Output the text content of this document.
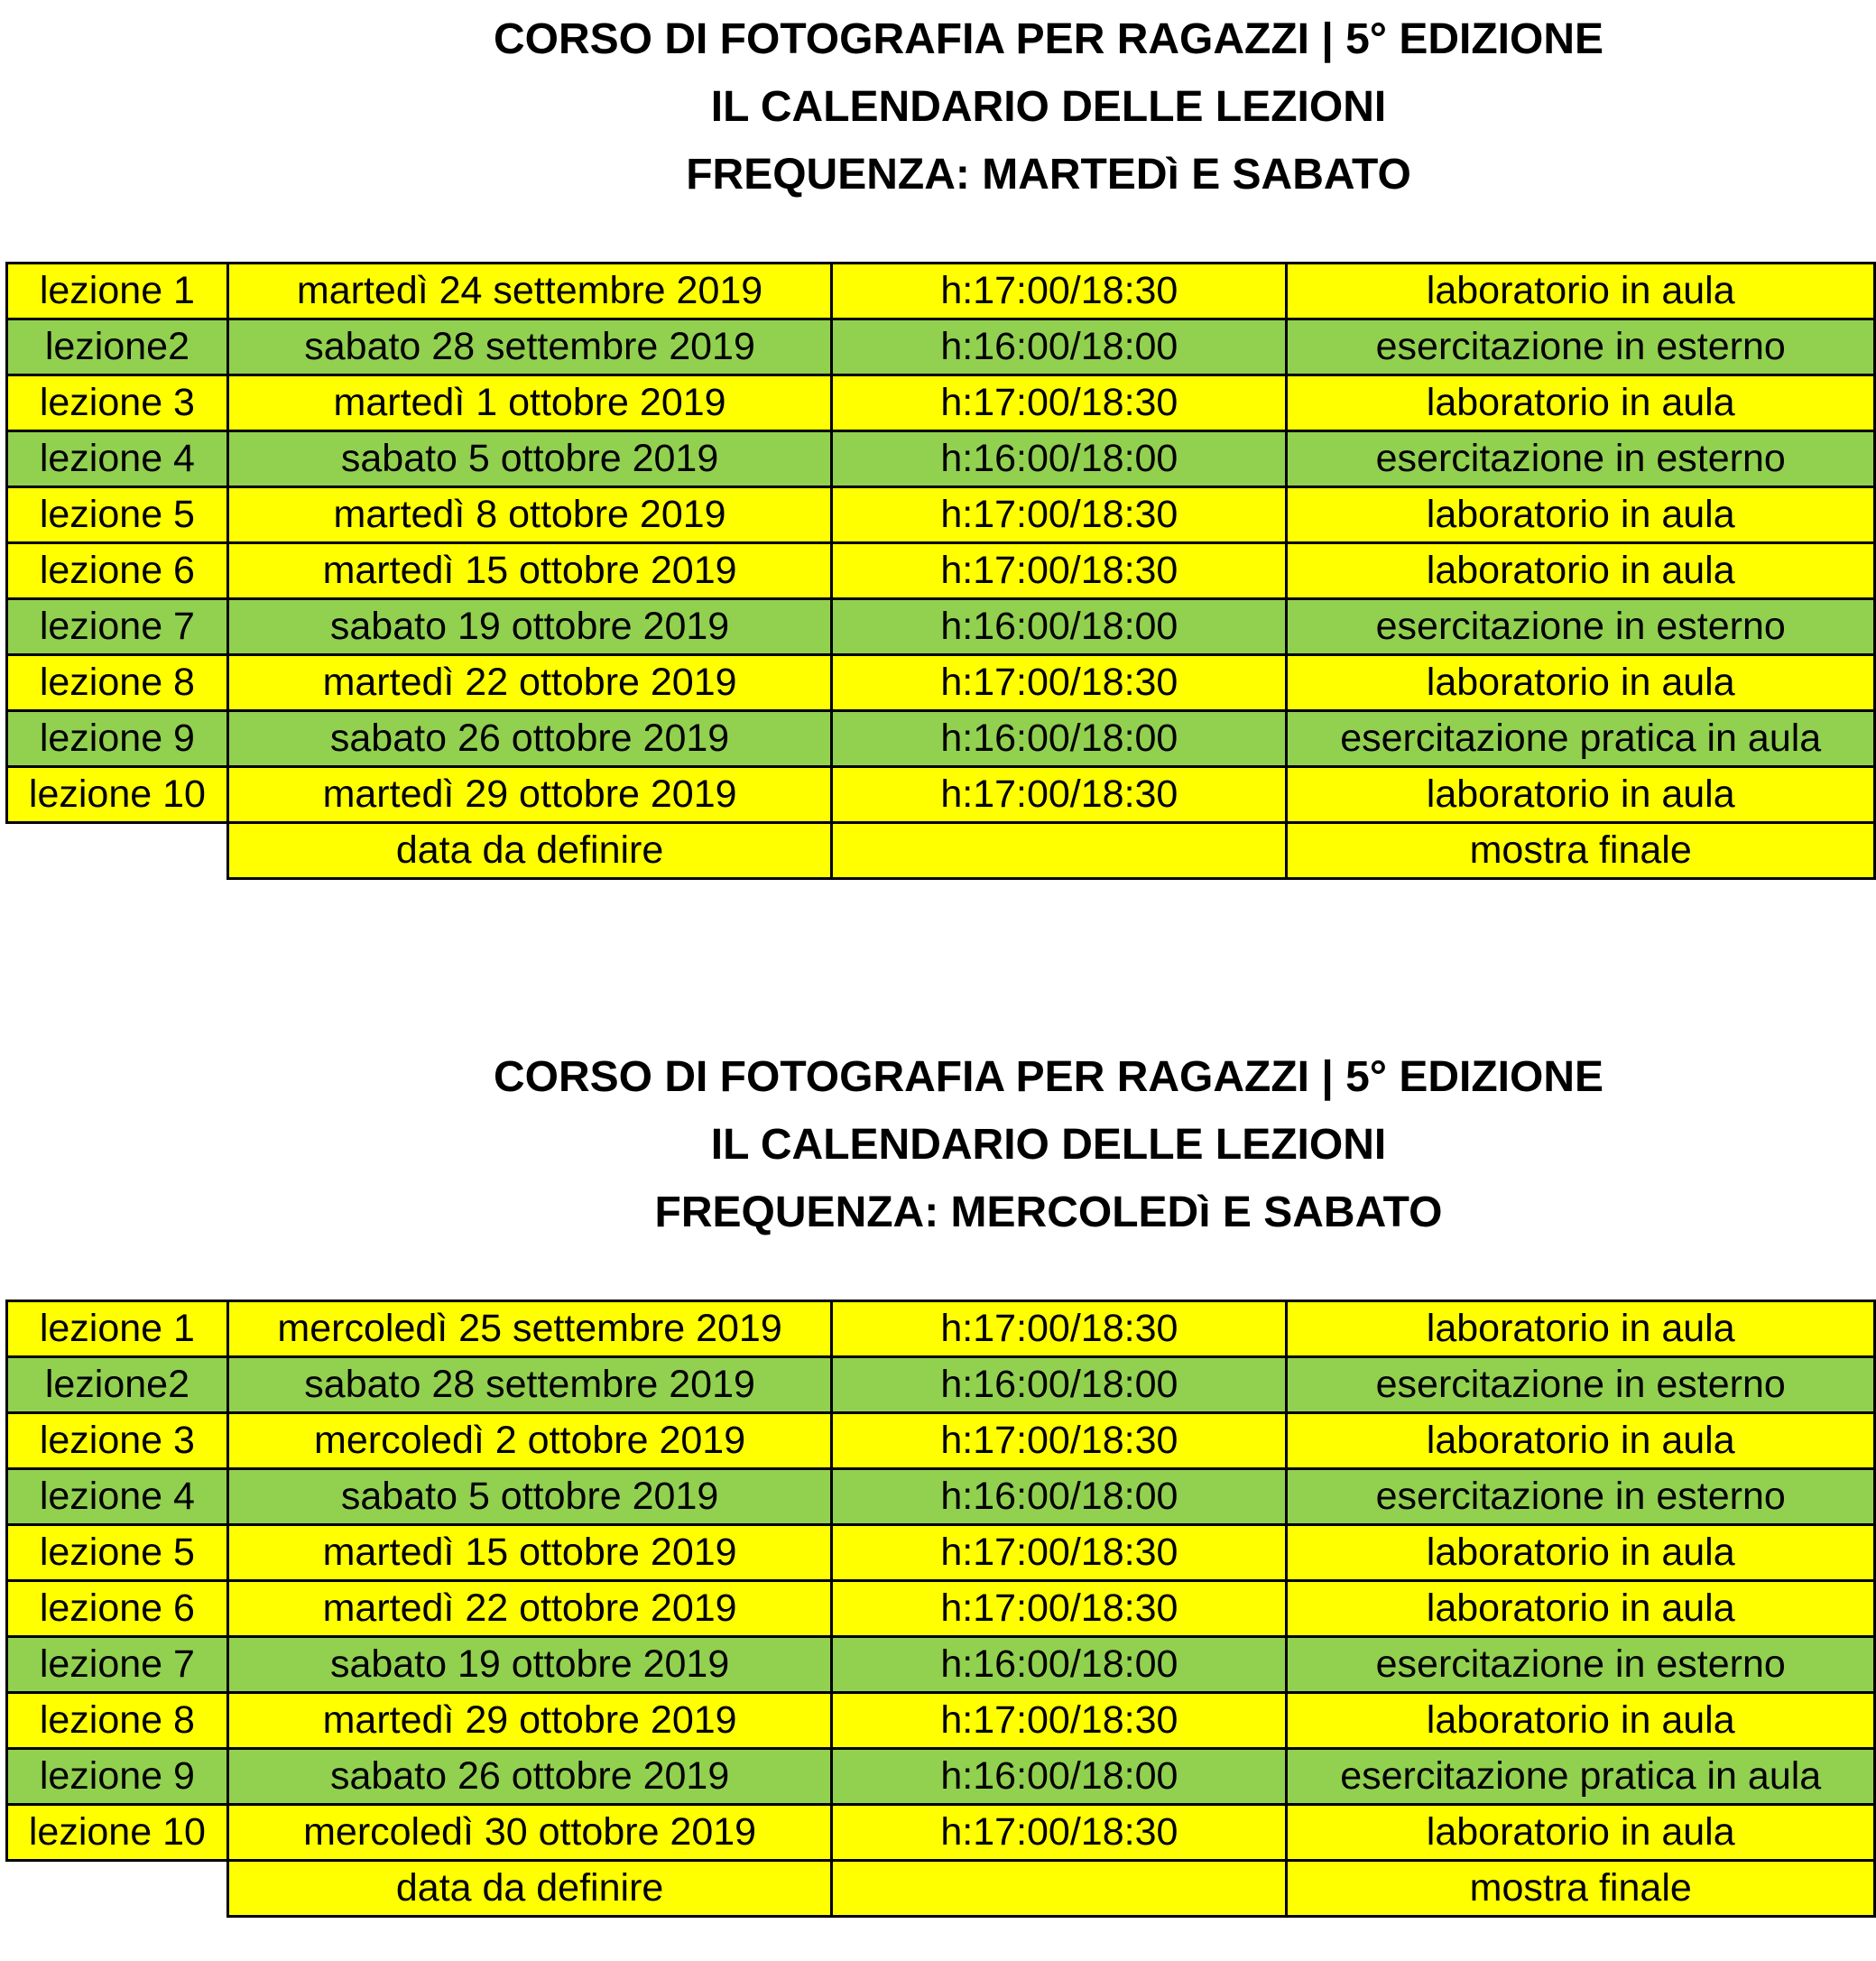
CORSO DI FOTOGRAFIA PER RAGAZZI | 5° EDIZIONE
IL CALENDARIO DELLE LEZIONI
FREQUENZA: MARTEDì E SABATO
lezione 1	martedì 24 settembre 2019	h:17:00/18:30	laboratorio in aula
lezione2	sabato 28 settembre 2019	h:16:00/18:00	esercitazione in esterno
lezione 3	martedì 1 ottobre 2019	h:17:00/18:30	laboratorio in aula
lezione 4	sabato 5 ottobre 2019	h:16:00/18:00	esercitazione in esterno
lezione 5	martedì 8 ottobre 2019	h:17:00/18:30	laboratorio in aula
lezione 6	martedì 15 ottobre 2019	h:17:00/18:30	laboratorio in aula
lezione 7	sabato 19 ottobre 2019	h:16:00/18:00	esercitazione in esterno
lezione 8	martedì 22 ottobre 2019	h:17:00/18:30	laboratorio in aula
lezione 9	sabato 26 ottobre 2019	h:16:00/18:00	esercitazione pratica in aula
lezione 10	martedì 29 ottobre 2019	h:17:00/18:30	laboratorio in aula
	data da definire		mostra finale
CORSO DI FOTOGRAFIA PER RAGAZZI | 5° EDIZIONE
IL CALENDARIO DELLE LEZIONI
FREQUENZA: MERCOLEDì E SABATO
lezione 1	mercoledì 25 settembre 2019	h:17:00/18:30	laboratorio in aula
lezione2	sabato 28 settembre 2019	h:16:00/18:00	esercitazione in esterno
lezione 3	mercoledì 2 ottobre 2019	h:17:00/18:30	laboratorio in aula
lezione 4	sabato 5 ottobre 2019	h:16:00/18:00	esercitazione in esterno
lezione 5	martedì 15 ottobre 2019	h:17:00/18:30	laboratorio in aula
lezione 6	martedì 22 ottobre 2019	h:17:00/18:30	laboratorio in aula
lezione 7	sabato 19 ottobre 2019	h:16:00/18:00	esercitazione in esterno
lezione 8	martedì 29 ottobre 2019	h:17:00/18:30	laboratorio in aula
lezione 9	sabato 26 ottobre 2019	h:16:00/18:00	esercitazione pratica in aula
lezione 10	mercoledì 30 ottobre 2019	h:17:00/18:30	laboratorio in aula
	data da definire		mostra finale
